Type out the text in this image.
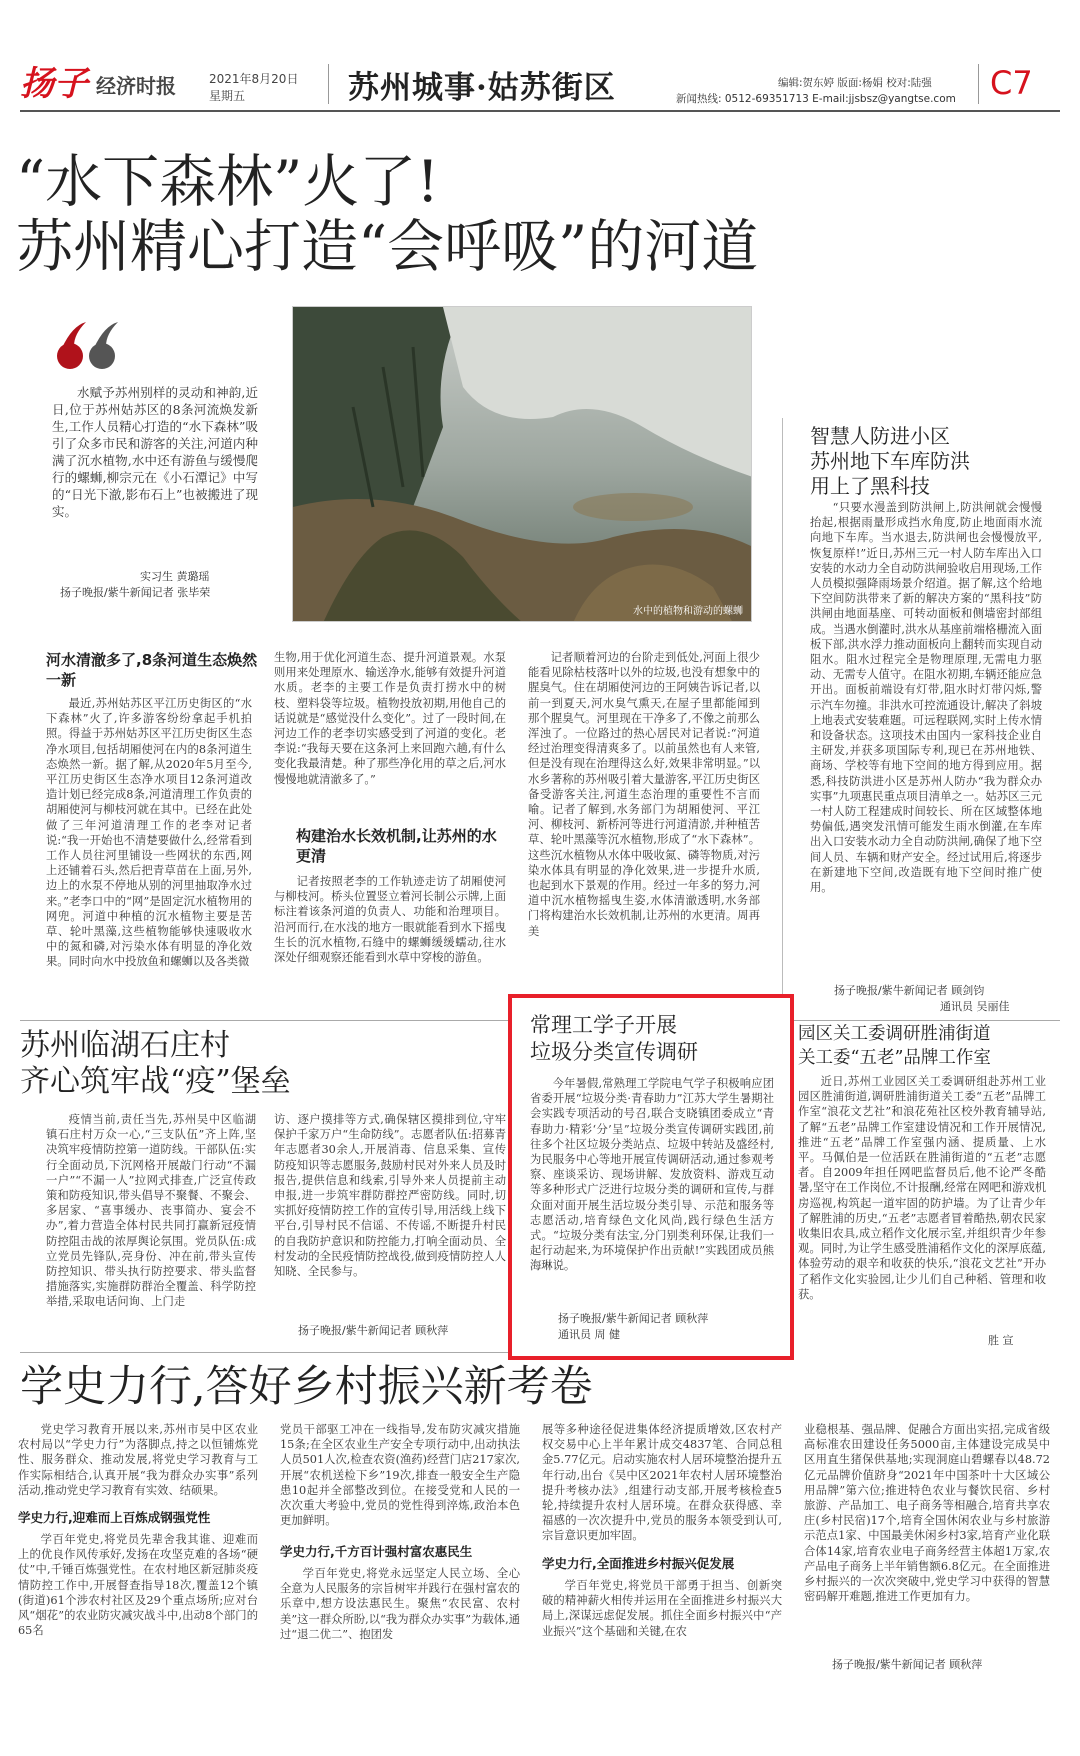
扬子 经济时报	2021年8月20日
星期五	苏州城事·姑苏街区	编辑:贺东婷 版面:杨娟 校对:陆强
新闻热线: 0512-69351713 E-mail:jjsbsz@yangtse.com C7
“水下森林”火了!
苏州精心打造“会呼吸”的河道

水赋予苏州别样的灵动和神韵,近日,位于苏州姑苏区的8条河流焕发新生,工作人员精心打造的“水下森林”吸引了众多市民和游客的关注,河道内种满了沉水植物,水中还有游鱼与缓慢爬行的螺蛳,柳宗元在《小石潭记》中写的“日光下澈,影布石上”也被搬进了现实。

实习生 黄璐瑶
扬子晚报/紫牛新闻记者 张毕荣
水中的植物和游动的螺蛳
河水清澈多了,8条河道生态焕然一新

最近,苏州姑苏区平江历史街区的“水下森林”火了,许多游客纷纷拿起手机拍照。得益于苏州姑苏区平江历史街区生态净水项目,包括胡厢使河在内的8条河道生态焕然一新。据了解,从2020年5月至今,平江历史街区生态净水项目12条河道改造计划已经完成8条,河道清理工作负责的胡厢使河与柳枝河就在其中。已经在此处做了三年河道清理工作的老李对记者说:“我一开始也不清楚要做什么,经常看到工作人员往河里铺设一些网状的东西,网上还铺着石头,然后把青草苗在上面,另外,边上的水泵不停地从别的河里抽取净水过来。”老李口中的“网”是固定沉水植物用的网兜。河道中种植的沉水植物主要是苦草、轮叶黑藻,这些植物能够快速吸收水中的氮和磷,对污染水体有明显的净化效果。同时向水中投放鱼和螺蛳以及各类微

生物,用于优化河道生态、提升河道景观。水泵则用来处理原水、输送净水,能够有效提升河道水质。老李的主要工作是负责打捞水中的树枝、塑料袋等垃圾。植物投放初期,用他自己的话说就是“感觉没什么变化”。过了一段时间,在河边工作的老李切实感受到了河道的变化。老李说:“我每天要在这条河上来回跑六趟,有什么变化我最清楚。种了那些净化用的草之后,河水慢慢地就清澈多了。”

构建治水长效机制,让苏州的水更清

记者按照老李的工作轨迹走访了胡厢使河与柳枝河。桥头位置竖立着河长制公示牌,上面标注着该条河道的负责人、功能和治理项目。沿河而行,在水浅的地方一眼就能看到水下摇曳生长的沉水植物,石缝中的螺蛳缓缓蠕动,往水深处仔细观察还能看到水草中穿梭的游鱼。

记者顺着河边的台阶走到低处,河面上很少能看见除枯枝落叶以外的垃圾,也没有想象中的腥臭气。住在胡厢使河边的王阿姨告诉记者,以前一到夏天,河水臭气熏天,在屋子里都能闻到那个腥臭气。河里现在干净多了,不像之前那么浑浊了。一位路过的热心居民对记者说:“河道经过治理变得清爽多了。以前虽然也有人来管,但是没有现在治理得这么好,效果非常明显。”以水乡著称的苏州吸引着大量游客,平江历史街区备受游客关注,河道生态治理的重要性不言而喻。记者了解到,水务部门为胡厢使河、平江河、柳枝河、新桥河等进行河道清淤,并种植苦草、轮叶黑藻等沉水植物,形成了“水下森林”。这些沉水植物从水体中吸收氮、磷等物质,对污染水体具有明显的净化效果,进一步提升水质,也起到水下景观的作用。经过一年多的努力,河道中沉水植物摇曳生姿,水体清澈透明,水务部门将构建治水长效机制,让苏州的水更清。周再美

智慧人防进小区
苏州地下车库防洪
用上了黑科技

“只要水漫盖到防洪闸上,防洪闸就会慢慢抬起,根据雨量形成挡水角度,防止地面雨水流向地下车库。当水退去,防洪闸也会慢慢放平,恢复原样!”近日,苏州三元一村人防车库出入口安装的水动力全自动防洪闸验收启用现场,工作人员模拟强降雨场景介绍道。据了解,这个给地下空间防洪带来了新的解决方案的“黑科技”防洪闸由地面基座、可转动面板和侧墙密封部组成。当遇水倒灌时,洪水从基座前端格栅流入面板下部,洪水浮力推动面板向上翻转而实现自动阻水。阻水过程完全是物理原理,无需电力驱动、无需专人值守。在阻水初期,车辆还能应急开出。面板前端设有灯带,阻水时灯带闪烁,警示汽车勿撞。非洪水可控流通设计,解决了斜坡上地表式安装难题。可远程联网,实时上传水情和设备状态。这项技术由国内一家科技企业自主研发,并获多项国际专利,现已在苏州地铁、商场、学校等有地下空间的地方得到应用。据悉,科技防洪进小区是苏州人防办“我为群众办实事”九项惠民重点项目清单之一。姑苏区三元一村人防工程建成时间较长、所在区域整体地势偏低,遇突发汛情可能发生雨水倒灌,在车库出入口安装水动力全自动防洪闸,确保了地下空间人员、车辆和财产安全。经过试用后,将逐步在新建地下空间,改造既有地下空间时推广使用。

扬子晚报/紫牛新闻记者 顾剑钧
通讯员 吴丽佳
苏州临湖石庄村
齐心筑牢战“疫”堡垒

疫情当前,责任当先,苏州吴中区临湖镇石庄村万众一心,“三支队伍”齐上阵,坚决筑牢疫情防控第一道防线。干部队伍:实行全面动员,下沉网格开展敲门行动“不漏一户”“不漏一人”拉网式排查,广泛宣传政策和防疫知识,带头倡导不聚餐、不聚会、多居家、“喜事缓办、丧事简办、宴会不办”,着力营造全体村民共同打赢新冠疫情防控阻击战的浓厚舆论氛围。党员队伍:成立党员先锋队,亮身份、冲在前,带头宣传防控知识、带头执行防控要求、带头监督措施落实,实施群防群治全覆盖、科学防控举措,采取电话问询、上门走

访、逐户摸排等方式,确保辖区摸排到位,守牢保护千家万户“生命防线”。志愿者队伍:招募青年志愿者30余人,开展消毒、信息采集、宣传防疫知识等志愿服务,鼓励村民对外来人员及时报告,提供信息和线索,引导外来人员提前主动申报,进一步筑牢群防群控严密防线。同时,切实抓好疫情防控工作的宣传引导,用活线上线下平台,引导村民不信谣、不传谣,不断提升村民的自我防护意识和防控能力,打响全面动员、全村发动的全民疫情防控战役,做到疫情防控人人知晓、全民参与。

扬子晚报/紫牛新闻记者 顾秋萍
常理工学子开展
垃圾分类宣传调研

今年暑假,常熟理工学院电气学子积极响应团省委开展“垃圾分类·青春助力”江苏大学生暑期社会实践专项活动的号召,联合支晓镇团委成立“青春助力·精彩‘分’呈”垃圾分类宣传调研实践团,前往多个社区垃圾分类站点、垃圾中转站及盛经村,为民服务中心等地开展宣传调研活动,通过参观考察、座谈采访、现场讲解、发放资料、游戏互动等多种形式广泛进行垃圾分类的调研和宣传,与群众面对面开展生活垃圾分类引导、示范和服务等志愿活动,培育绿色文化风尚,践行绿色生活方式。“垃圾分类有法宝,分门别类利环保,让我们一起行动起来,为环境保护作出贡献!”实践团成员熊海琳说。

扬子晚报/紫牛新闻记者 顾秋萍
通讯员 周 健
园区关工委调研胜浦街道
关工委“五老”品牌工作室

近日,苏州工业园区关工委调研组赴苏州工业园区胜浦街道,调研胜浦街道关工委“五老”品牌工作室“浪花文艺社”和浪花苑社区校外教育辅导站,了解“五老”品牌工作室建设情况和工作开展情况,推进“五老”品牌工作室强内涵、提质量、上水平。马佩伯是一位活跃在胜浦街道的“五老”志愿者。自2009年担任网吧监督员后,他不论严冬酷暑,坚守在工作岗位,不计报酬,经常在网吧和游戏机房巡视,构筑起一道牢固的防护墙。为了让青少年了解胜浦的历史,“五老”志愿者冒着酷热,朝农民家收集旧农具,成立稻作文化展示室,并组织青少年参观。同时,为让学生感受胜浦稻作文化的深厚底蕴,体验劳动的艰辛和收获的快乐,“浪花文艺社”开办了稻作文化实验园,让少儿们自己种稻、管理和收获。

胜 宣
学史力行,答好乡村振兴新考卷

党史学习教育开展以来,苏州市吴中区农业农村局以“学史力行”为落脚点,持之以恒铺炼党性、服务群众、推动发展,将党史学习教育与工作实际相结合,认真开展“我为群众办实事”系列活动,推动党史学习教育有实效、结硕果。

学史力行,迎难而上百炼成钢强党性

学百年党史,将党员先辈舍我其谁、迎难而上的优良作风传承好,发扬在攻坚克难的各场“硬仗”中,千锤百炼强党性。在农村地区新冠肺炎疫情防控工作中,开展督查指导18次,覆盖12个镇(街道)61个涉农村社区及29个重点场所;应对台风“烟花”的农业防灾减灾战斗中,出动8个部门的65名

党员干部驱工冲在一线指导,发布防灾减灾措施15条;在全区农业生产安全专项行动中,出动执法人员501人次,检查农资(渔药)经营门店217家次,开展“农机送检下乡”19次,排查一般安全生产隐患10起并全部整改到位。在接受党和人民的一次次重大考验中,党员的党性得到淬炼,政治本色更加鲜明。

学史力行,千方百计强村富农惠民生

学百年党史,将党永远坚定人民立场、全心全意为人民服务的宗旨树牢并践行在强村富农的乐章中,想方设法惠民生。聚焦“农民富、农村美”这一群众所盼,以“我为群众办实事”为载体,通过“退二优二”、抱团发

展等多种途径促进集体经济提质增效,区农村产权交易中心上半年累计成交4837笔、合同总租金5.77亿元。启动实施农村人居环境整治提升五年行动,出台《吴中区2021年农村人居环境整治提升考核办法》,组建行动支部,开展考核检查5轮,持续提升农村人居环境。在群众获得感、幸福感的一次次提升中,党员的服务本领受到认可,宗旨意识更加牢固。

学史力行,全面推进乡村振兴促发展

学百年党史,将党员干部勇于担当、创新突破的精神薪火相传并运用在全面推进乡村振兴大局上,深谋远虑促发展。抓住全面乡村振兴中“产业振兴”这个基础和关键,在农

业稳根基、强品牌、促融合方面出实招,完成省级高标准农田建设任务5000亩,主体建设完成吴中区用直生猪保供基地;实现洞庭山碧螺春以48.72亿元品牌价值跻身“2021年中国茶叶十大区域公用品牌”第六位;推进特色农业与餐饮民宿、乡村旅游、产品加工、电子商务等相融合,培育共享农庄(乡村民宿)17个,培育全国休闲农业与乡村旅游示范点1家、中国最美休闲乡村3家,培育产业化联合体14家,培育农业电子商务经营主体超1万家,农产品电子商务上半年销售额6.8亿元。在全面推进乡村振兴的一次次突破中,党史学习中获得的智慧密码解开难题,推进工作更加有力。

扬子晚报/紫牛新闻记者 顾秋萍
